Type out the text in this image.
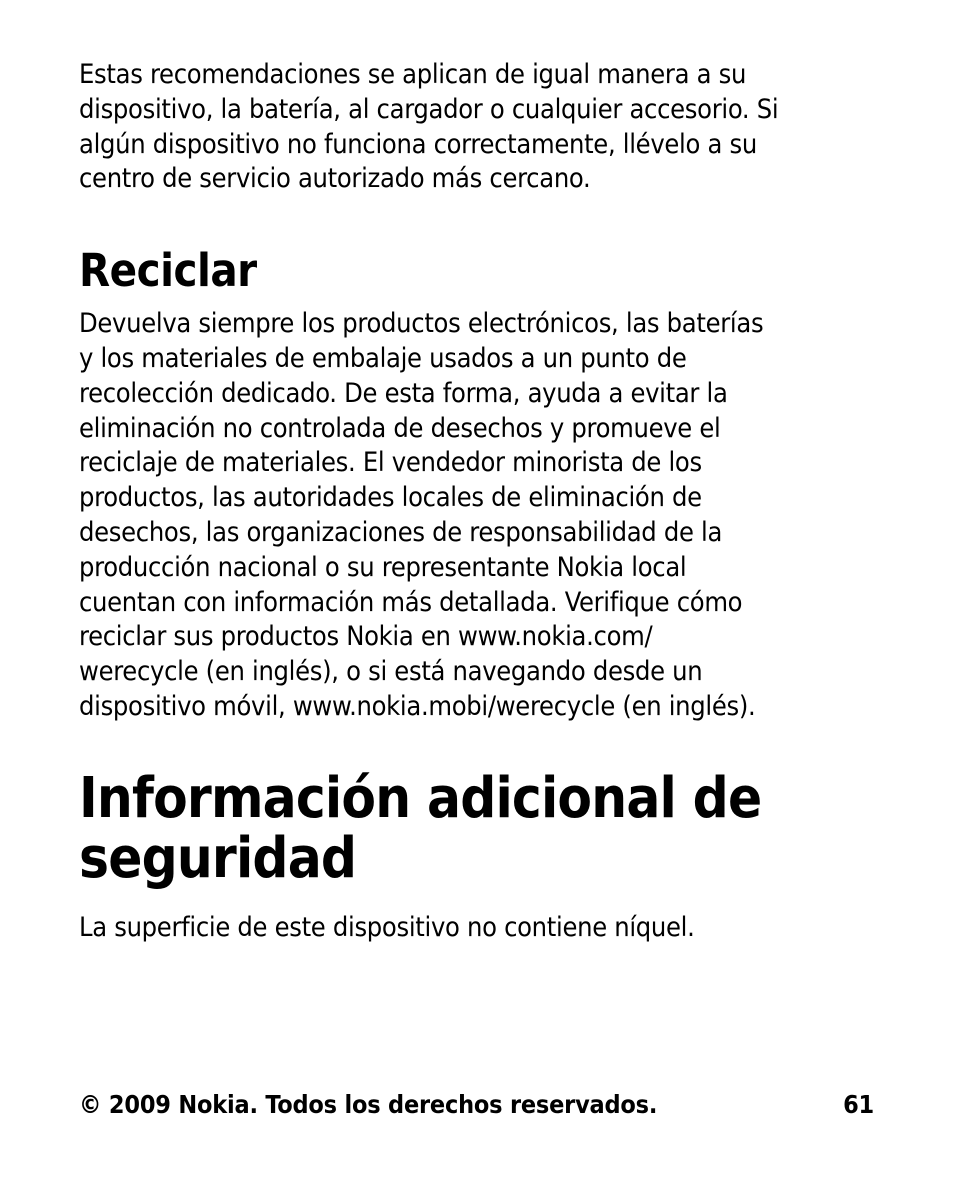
Estas recomendaciones se aplican de igual manera a su
dispositivo, la batería, al cargador o cualquier accesorio. Si
algún dispositivo no funciona correctamente, llévelo a su
centro de servicio autorizado más cercano.

Reciclar

Devuelva siempre los productos electrónicos, las baterías
y los materiales de embalaje usados a un punto de
recolección dedicado. De esta forma, ayuda a evitar la
eliminación no controlada de desechos y promueve el
reciclaje de materiales. El vendedor minorista de los
productos, las autoridades locales de eliminación de
desechos, las organizaciones de responsabilidad de la
producción nacional o su representante Nokia local
cuentan con información más detallada. Verifique cómo
reciclar sus productos Nokia en www.nokia.com/
werecycle (en inglés), o si está navegando desde un
dispositivo móvil, www.nokia.mobi/werecycle (en inglés).

Información adicional de
seguridad

La superficie de este dispositivo no contiene níquel.

© 2009 Nokia. Todos los derechos reservados.	61
